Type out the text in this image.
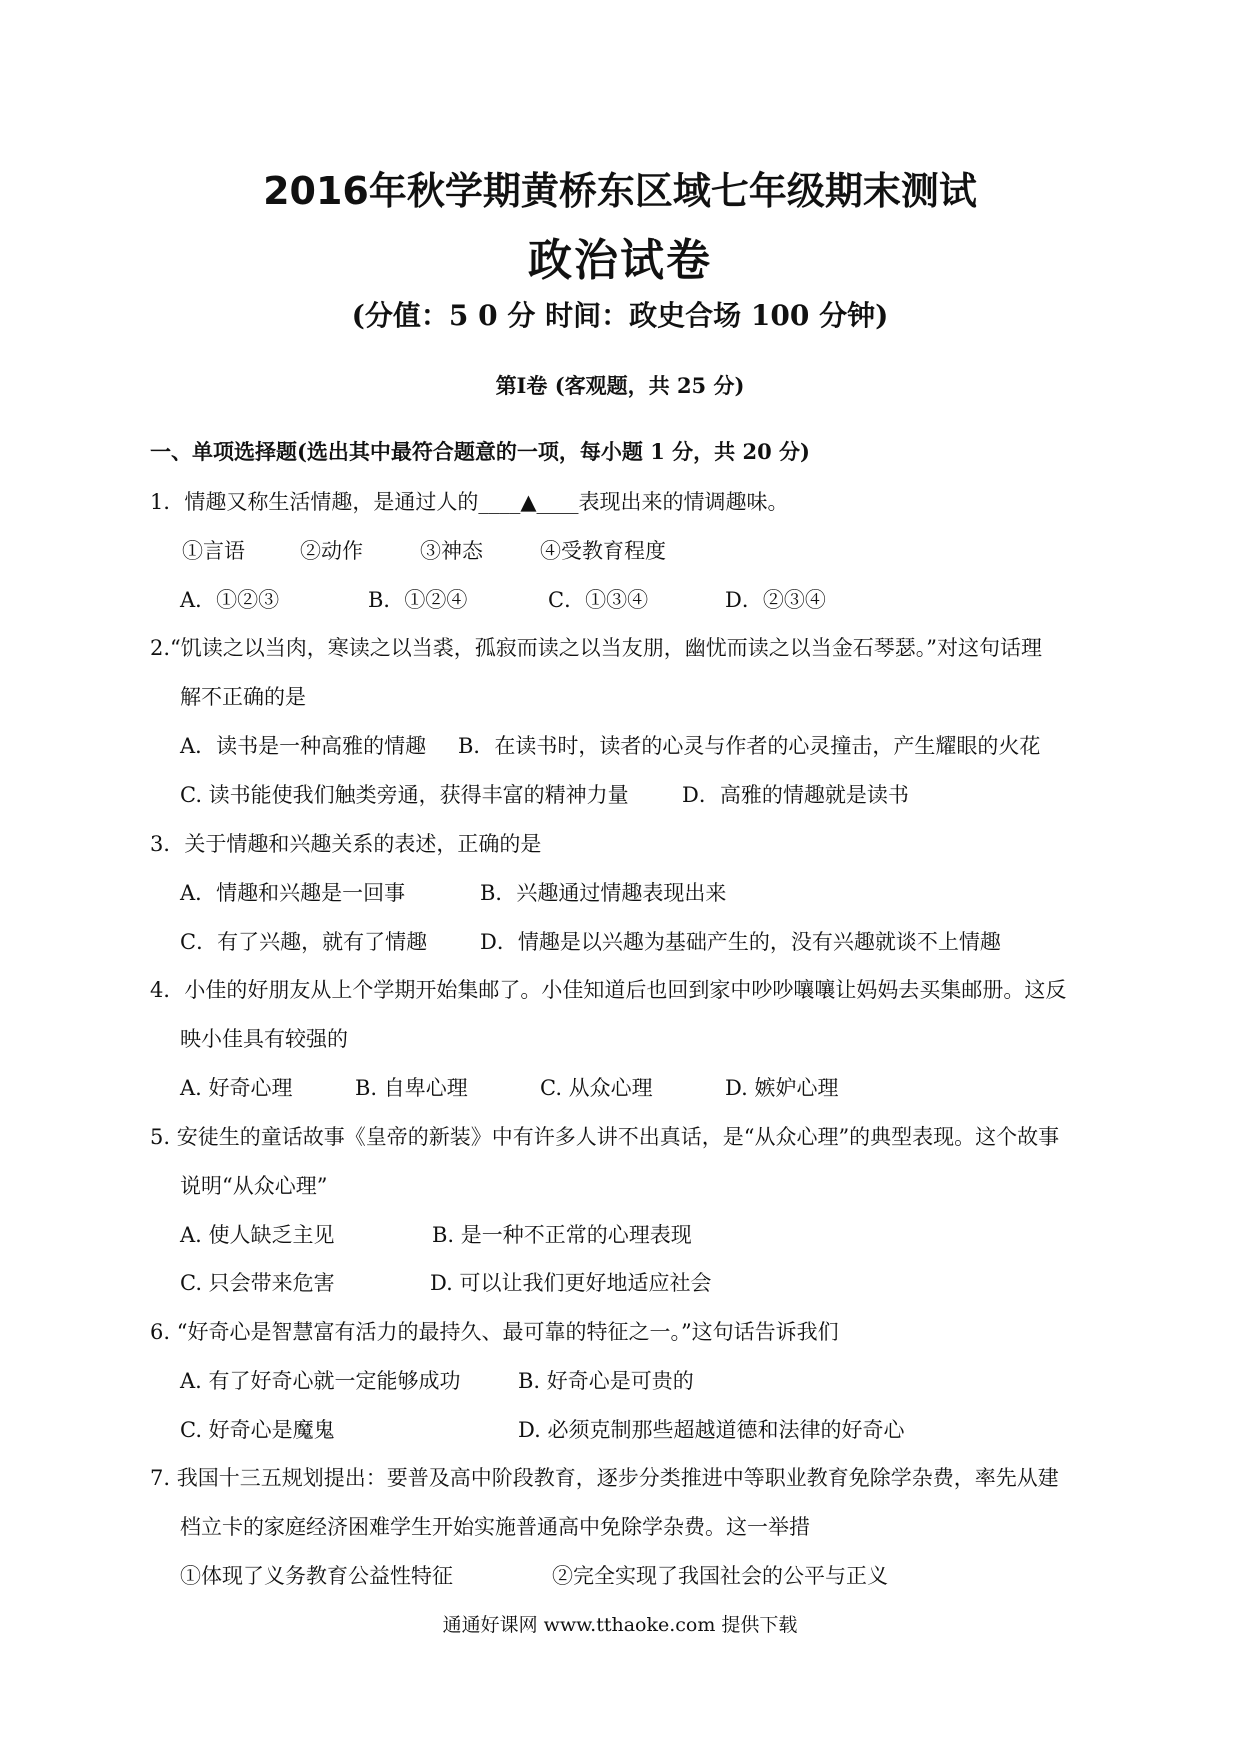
2016年秋学期黄桥东区域七年级期末测试
政治试卷
(分值：5 0 分 时间：政史合场 100 分钟)
第Ⅰ卷 (客观题，共 25 分)
一、单项选择题(选出其中最符合题意的一项，每小题 1 分，共 20 分)
1．情趣又称生活情趣，是通过人的____▲____表现出来的情调趣味。
①言语	②动作	③神态	④受教育程度
A．①②③	B．①②④	C．①③④	D．②③④
2.“饥读之以当肉，寒读之以当裘，孤寂而读之以当友朋，幽忧而读之以当金石琴瑟。”对这句话理
解不正确的是
A．读书是一种高雅的情趣 B．在读书时，读者的心灵与作者的心灵撞击，产生耀眼的火花
C. 读书能使我们触类旁通，获得丰富的精神力量	D．高雅的情趣就是读书
3．关于情趣和兴趣关系的表述，正确的是
A．情趣和兴趣是一回事	B．兴趣通过情趣表现出来
C．有了兴趣，就有了情趣	D．情趣是以兴趣为基础产生的，没有兴趣就谈不上情趣
4．小佳的好朋友从上个学期开始集邮了。小佳知道后也回到家中吵吵嚷嚷让妈妈去买集邮册。这反
映小佳具有较强的
A. 好奇心理	B. 自卑心理	C. 从众心理	D. 嫉妒心理
5. 安徒生的童话故事《皇帝的新装》中有许多人讲不出真话，是“从众心理”的典型表现。这个故事
说明“从众心理”
A. 使人缺乏主见	B. 是一种不正常的心理表现
C. 只会带来危害	D. 可以让我们更好地适应社会
6. “好奇心是智慧富有活力的最持久、最可靠的特征之一。”这句话告诉我们
A. 有了好奇心就一定能够成功	B. 好奇心是可贵的
C. 好奇心是魔鬼	D. 必须克制那些超越道德和法律的好奇心
7. 我国十三五规划提出：要普及高中阶段教育，逐步分类推进中等职业教育免除学杂费，率先从建
档立卡的家庭经济困难学生开始实施普通高中免除学杂费。这一举措
①体现了义务教育公益性特征	②完全实现了我国社会的公平与正义
通通好课网 www.tthaoke.com 提供下载
